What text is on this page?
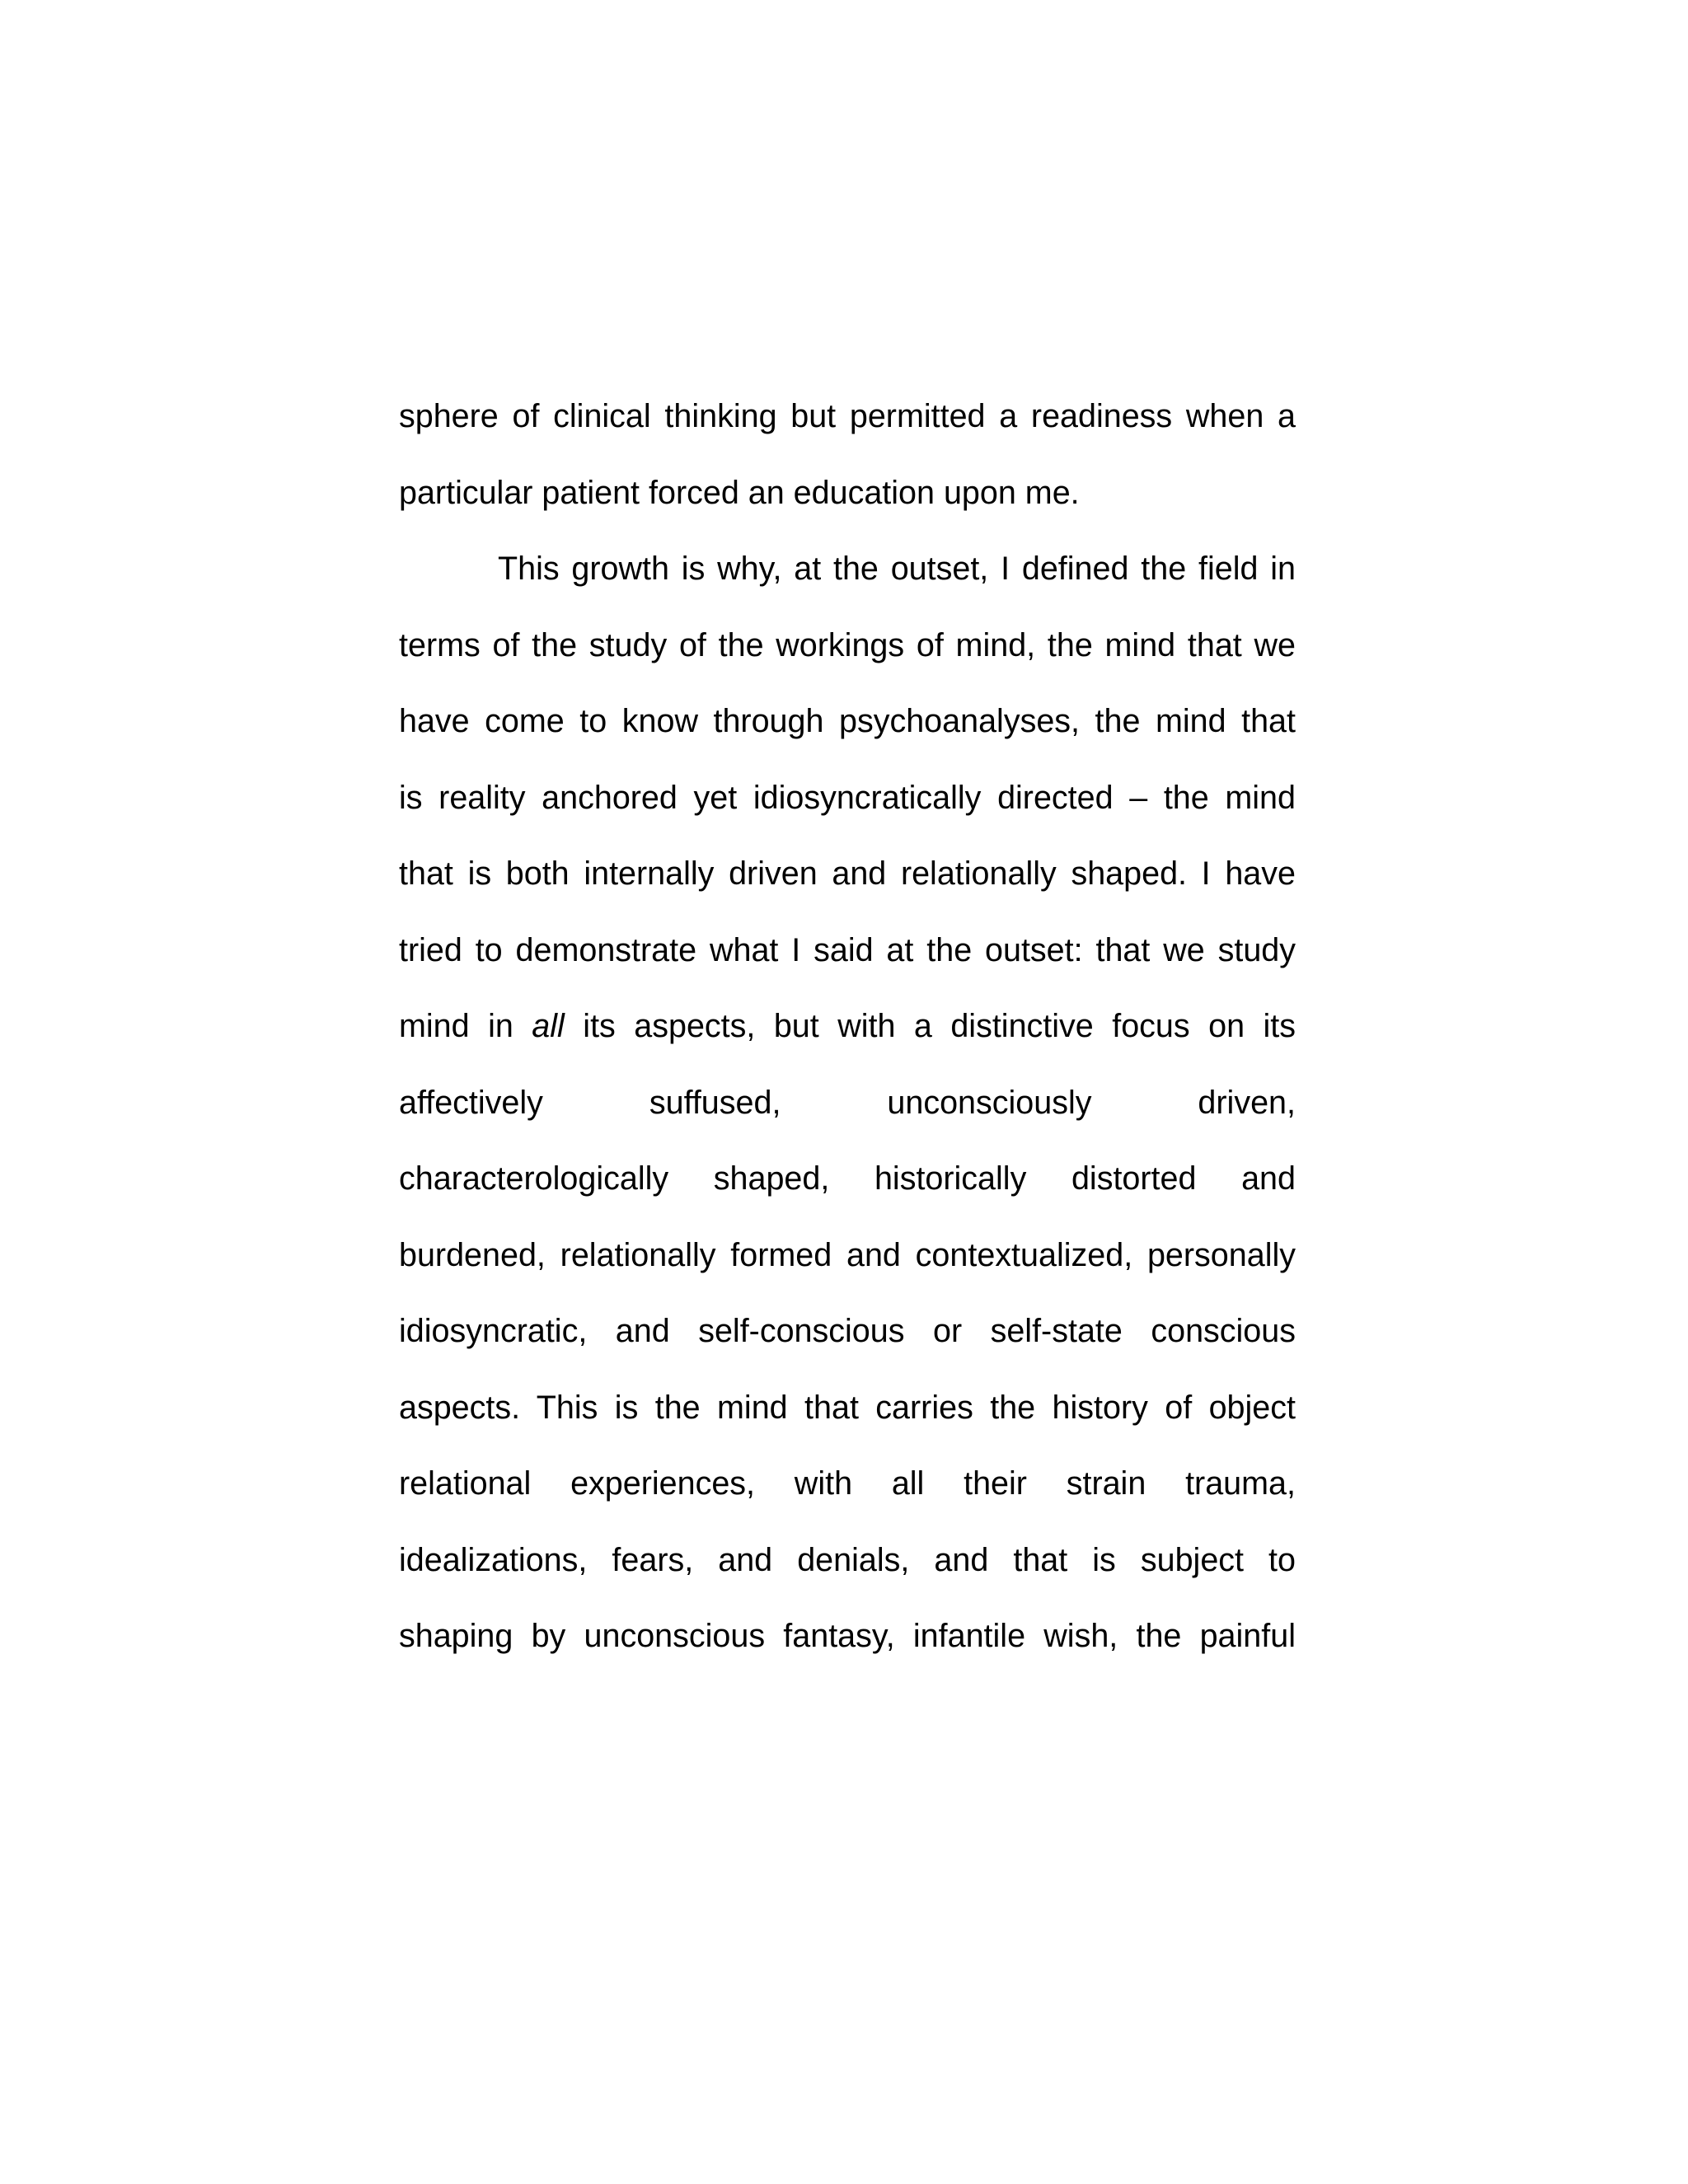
sphere of clinical thinking but permitted a readiness when a
particular patient forced an education upon me.
This growth is why, at the outset, I defined the field in
terms of the study of the workings of mind, the mind that we
have come to know through psychoanalyses, the mind that
is reality anchored yet idiosyncratically directed – the mind
that is both internally driven and relationally shaped. I have
tried to demonstrate what I said at the outset: that we study
mind in all its aspects, but with a distinctive focus on its
affectively suffused, unconsciously driven,
characterologically shaped, historically distorted and
burdened, relationally formed and contextualized, personally
idiosyncratic, and self-conscious or self-state conscious
aspects. This is the mind that carries the history of object
relational experiences, with all their strain trauma,
idealizations, fears, and denials, and that is subject to
shaping by unconscious fantasy, infantile wish, the painful
